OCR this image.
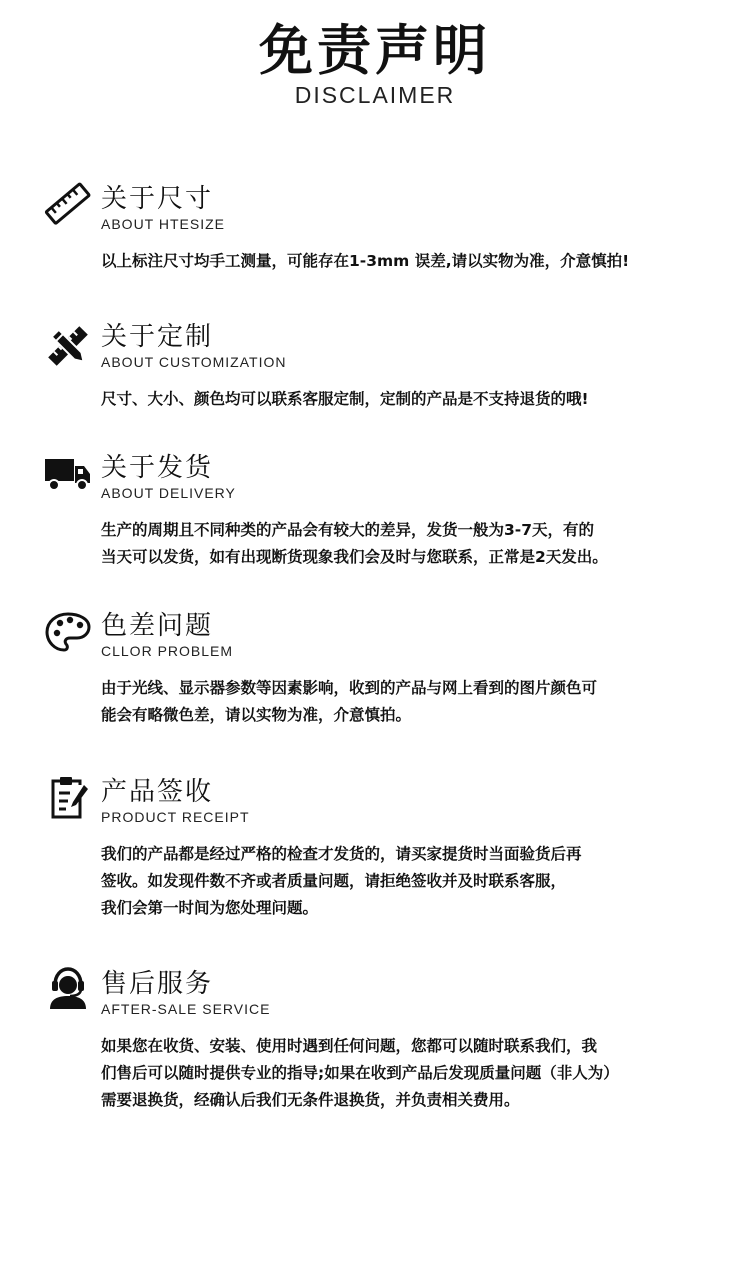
免责声明
DISCLAIMER
关于尺寸
ABOUT HTESIZE

以上标注尺寸均手工测量，可能存在1-3mm 误差,请以实物为准，介意慎拍!

关于定制
ABOUT CUSTOMIZATION

尺寸、大小、颜色均可以联系客服定制，定制的产品是不支持退货的哦!

关于发货
ABOUT DELIVERY

生产的周期且不同种类的产品会有较大的差异，发货一般为3-7天，有的

当天可以发货，如有出现断货现象我们会及时与您联系，正常是2天发出。

色差问题
CLLOR PROBLEM

由于光线、显示器参数等因素影响，收到的产品与网上看到的图片颜色可

能会有略微色差，请以实物为准，介意慎拍。

产品签收
PRODUCT RECEIPT

我们的产品都是经过严格的检查才发货的，请买家提货时当面验货后再

签收。如发现件数不齐或者质量问题，请拒绝签收并及时联系客服，

我们会第一时间为您处理问题。

售后服务
AFTER-SALE SERVICE

如果您在收货、安装、使用时遇到任何问题，您都可以随时联系我们，我

们售后可以随时提供专业的指导;如果在收到产品后发现质量问题（非人为）

需要退换货，经确认后我们无条件退换货，并负责相关费用。
